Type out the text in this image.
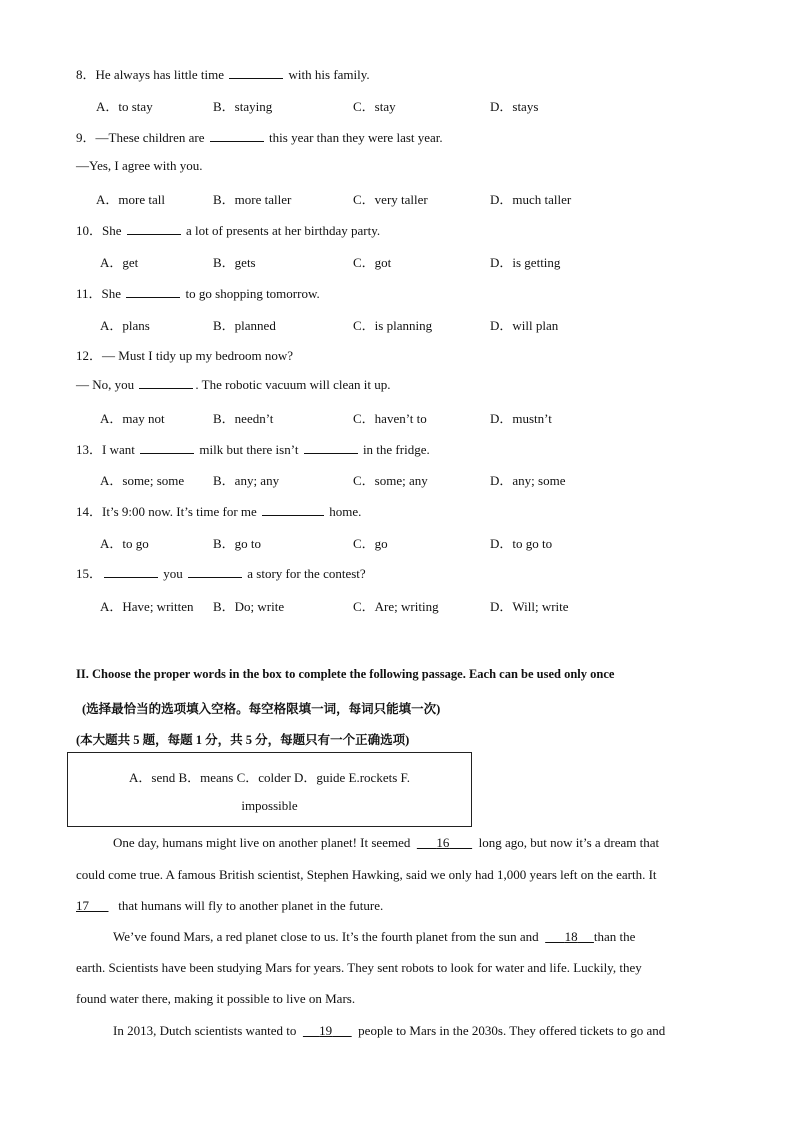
8．He always has little time	with his family.
A．to stay	B．staying	C．stay	D．stays
9．—These children are	this year than they were last year.
—Yes, I agree with you.
A．more tall	B．more taller	C．very taller	D．much taller
10．She	a lot of presents at her birthday party.
A．get	B．gets	C．got	D．is getting
11．She	to go shopping tomorrow.
A．plans	B．planned	C．is planning	D．will plan
12．— Must I tidy up my bedroom now?
— No, you	. The robotic vacuum will clean it up.
A．may not	B．needn’t	C．haven’t to	D．mustn’t
13．I want	milk but there isn’t	in the fridge.
A．some; some B．any; any	C．some; any	D．any; some
14．It’s 9:00 now. It’s time for me	home.
A．to go	B．go to	C．go	D．to go to
15．	you	a story for the contest?
A．Have; written B．Do; write	C．Are; writing	D．Will; write
II. Choose the proper words in the box to complete the following passage. Each can be used only once
(选择最恰当的选项填入空格。每空格限填一词，每词只能填一次)
(本大题共 5 题，每题 1 分，共 5 分，每题只有一个正确选项)
A．send B．means C．colder D．guide E.rockets F.
impossible
One day, humans might live on another planet! It seemed 16 long ago, but now it’s a dream that
could come true. A famous British scientist, Stephen Hawking, said we only had 1,000 years left on the earth. It
17 that humans will fly to another planet in the future.
We’ve found Mars, a red planet close to us. It’s the fourth planet from the sun and 18 than the
earth. Scientists have been studying Mars for years. They sent robots to look for water and life. Luckily, they
found water there, making it possible to live on Mars.
In 2013, Dutch scientists wanted to 19 people to Mars in the 2030s. They offered tickets to go and
